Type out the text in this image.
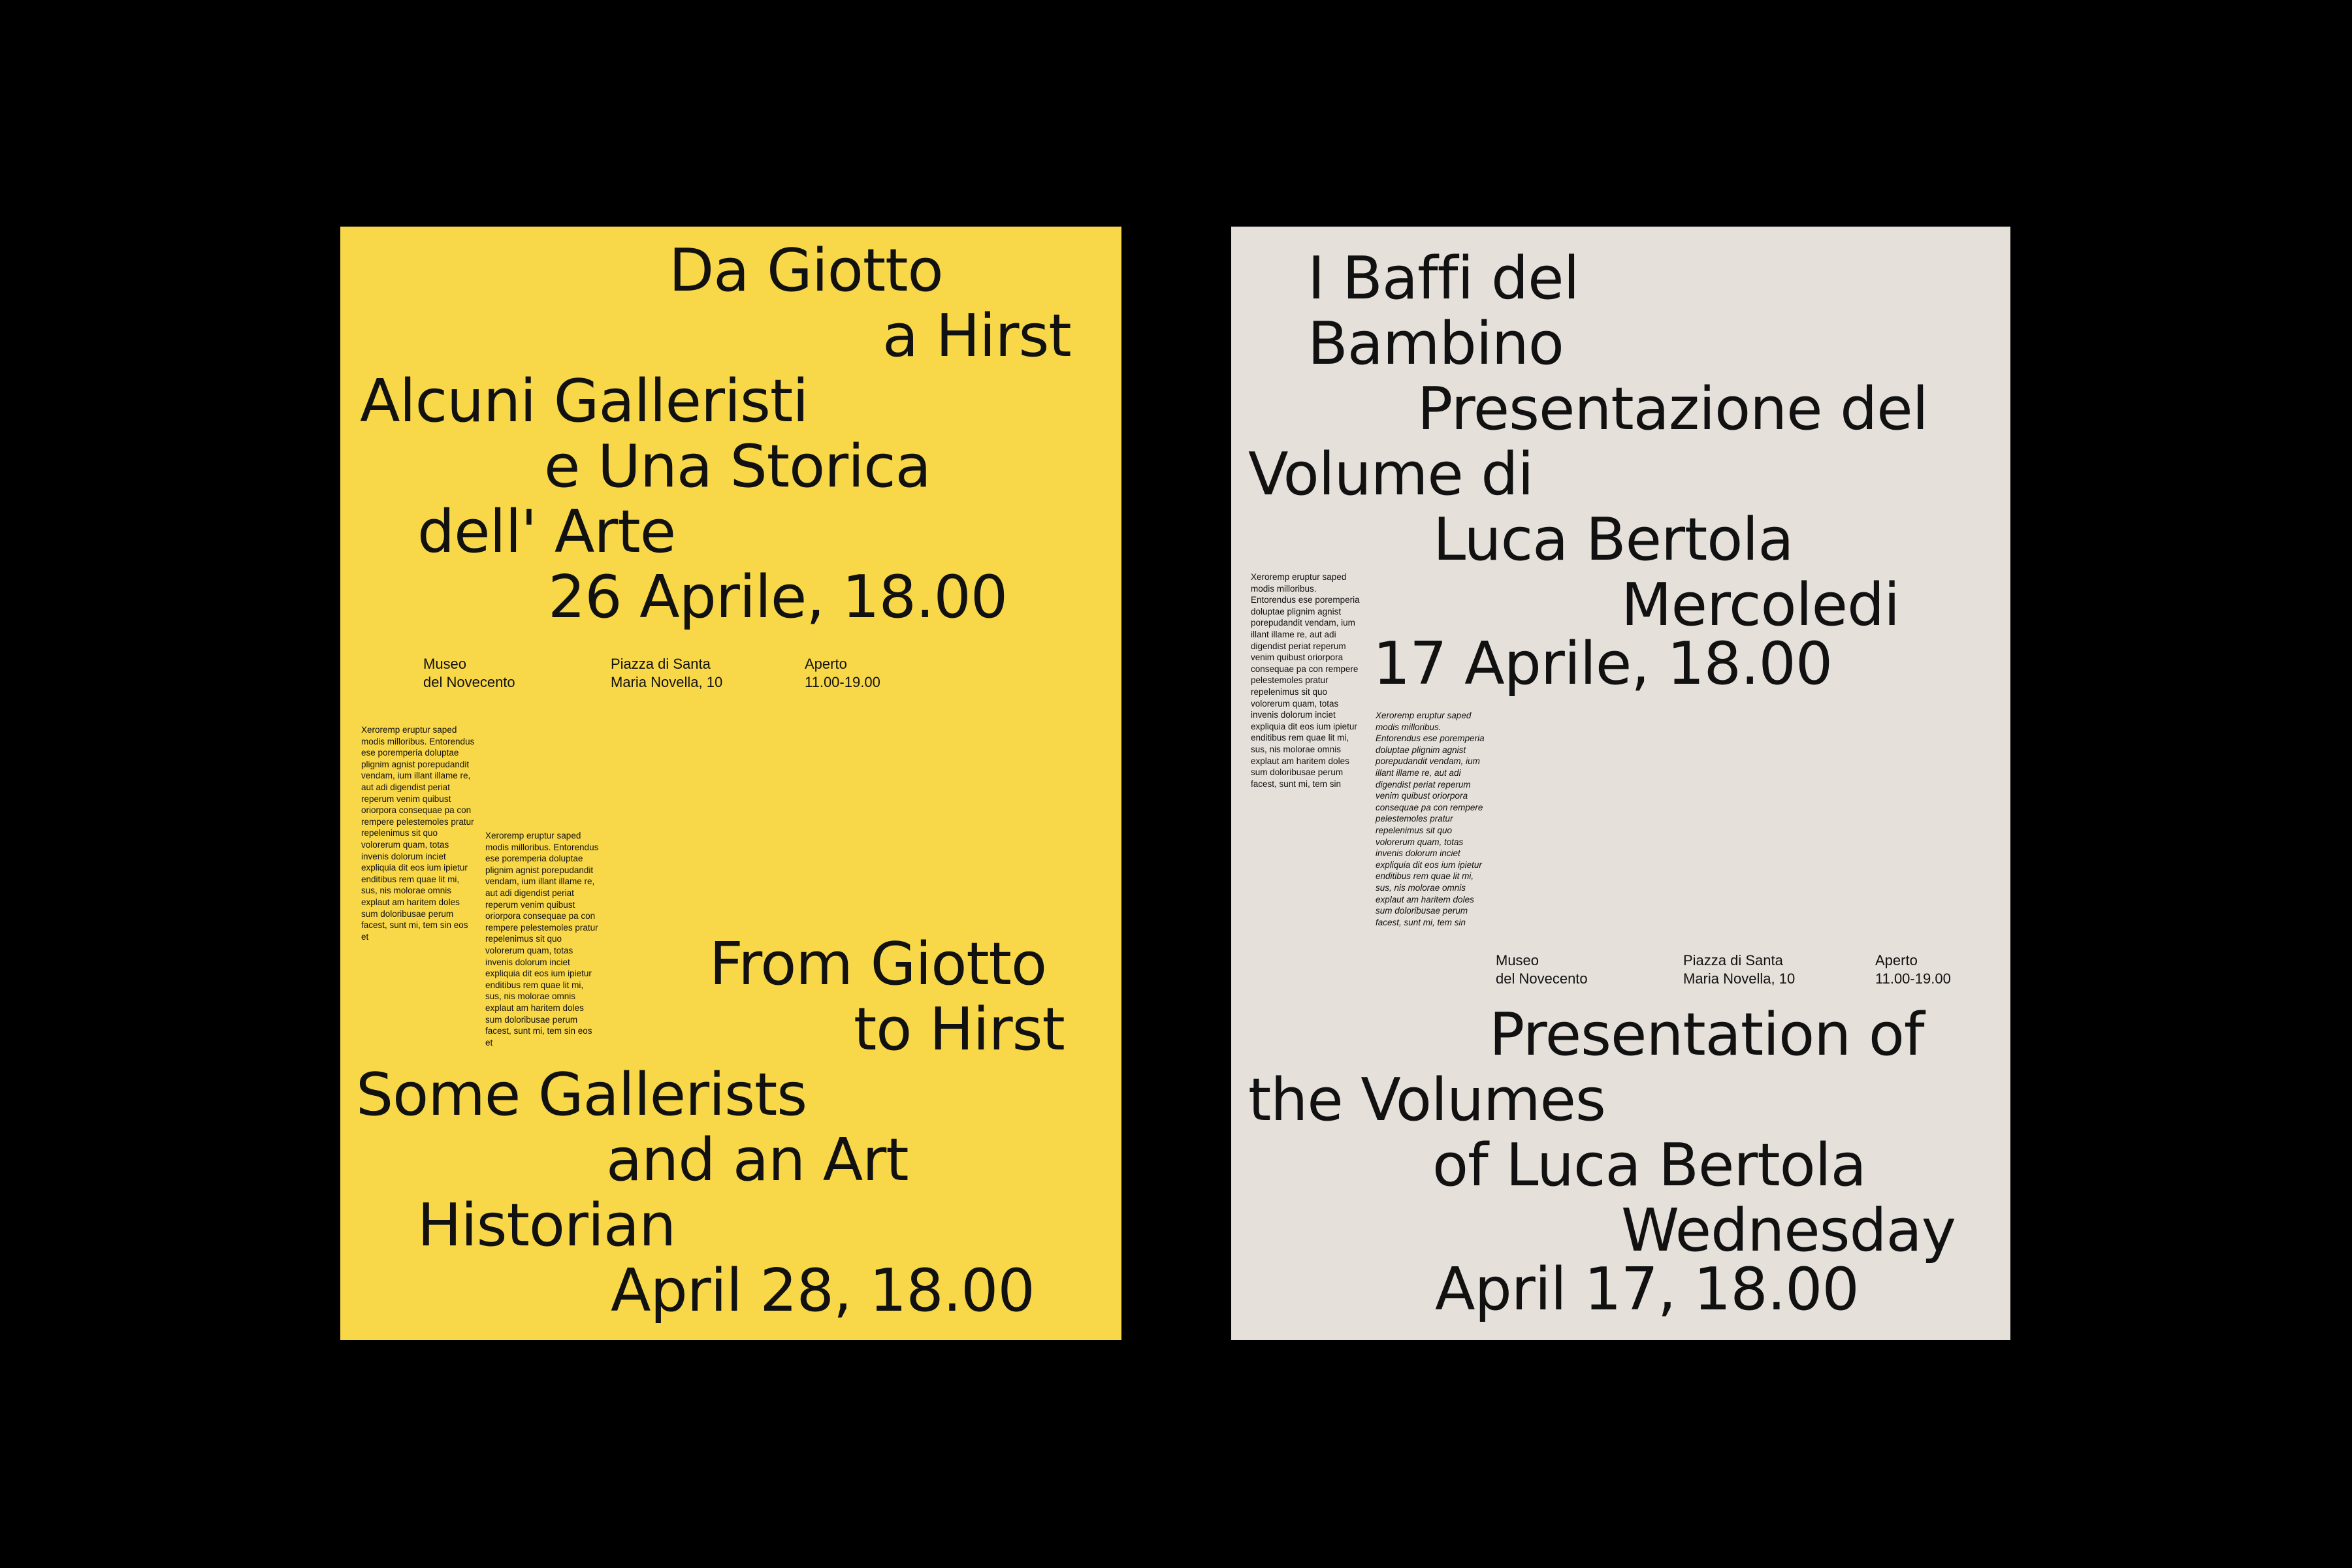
Da Giotto

a Hirst

Alcuni Galleristi

e Una Storica

dell' Arte

26 Aprile, 18.00

Museo

del Novecento

Piazza di Santa

Maria Novella, 10

Aperto

11.00-19.00

Xeroremp eruptur saped modis milloribus. Entorendus ese poremperia doluptae plignim agnist porepudandit vendam, ium illant illame re, aut adi digendist periat reperum venim quibust oriorpora consequae pa con rempere pelestemoles pratur repelenimus sit quo volorerum quam, totas invenis dolorum inciet expliquia dit eos ium ipietur enditibus rem quae lit mi, sus, nis molorae omnis explaut am haritem doles sum doloribusae perum facest, sunt mi, tem sin eos et

Xeroremp eruptur saped modis milloribus. Entorendus ese poremperia doluptae plignim agnist porepudandit vendam, ium illant illame re, aut adi digendist periat reperum venim quibust oriorpora consequae pa con rempere pelestemoles pratur repelenimus sit quo volorerum quam, totas invenis dolorum inciet expliquia dit eos ium ipietur enditibus rem quae lit mi, sus, nis molorae omnis explaut am haritem doles sum doloribusae perum facest, sunt mi, tem sin eos et

From Giotto

to Hirst

Some Gallerists

and an Art

Historian

April 28, 18.00

I Baffi del

Bambino

Presentazione del

Volume di

Luca Bertola

Mercoledi

17 Aprile, 18.00

Xeroremp eruptur saped modis milloribus. Entorendus ese poremperia doluptae plignim agnist porepudandit vendam, ium illant illame re, aut adi digendist periat reperum venim quibust oriorpora consequae pa con rempere pelestemoles pratur repelenimus sit quo volorerum quam, totas invenis dolorum inciet expliquia dit eos ium ipietur enditibus rem quae lit mi, sus, nis molorae omnis explaut am haritem doles sum doloribusae perum facest, sunt mi, tem sin

Xeroremp eruptur saped modis milloribus. Entorendus ese poremperia doluptae plignim agnist porepudandit vendam, ium illant illame re, aut adi digendist periat reperum venim quibust oriorpora consequae pa con rempere pelestemoles pratur repelenimus sit quo volorerum quam, totas invenis dolorum inciet expliquia dit eos ium ipietur enditibus rem quae lit mi, sus, nis molorae omnis explaut am haritem doles sum doloribusae perum facest, sunt mi, tem sin

Museo

del Novecento

Piazza di Santa

Maria Novella, 10

Aperto

11.00-19.00

Presentation of

the Volumes

of Luca Bertola

Wednesday

April 17, 18.00
